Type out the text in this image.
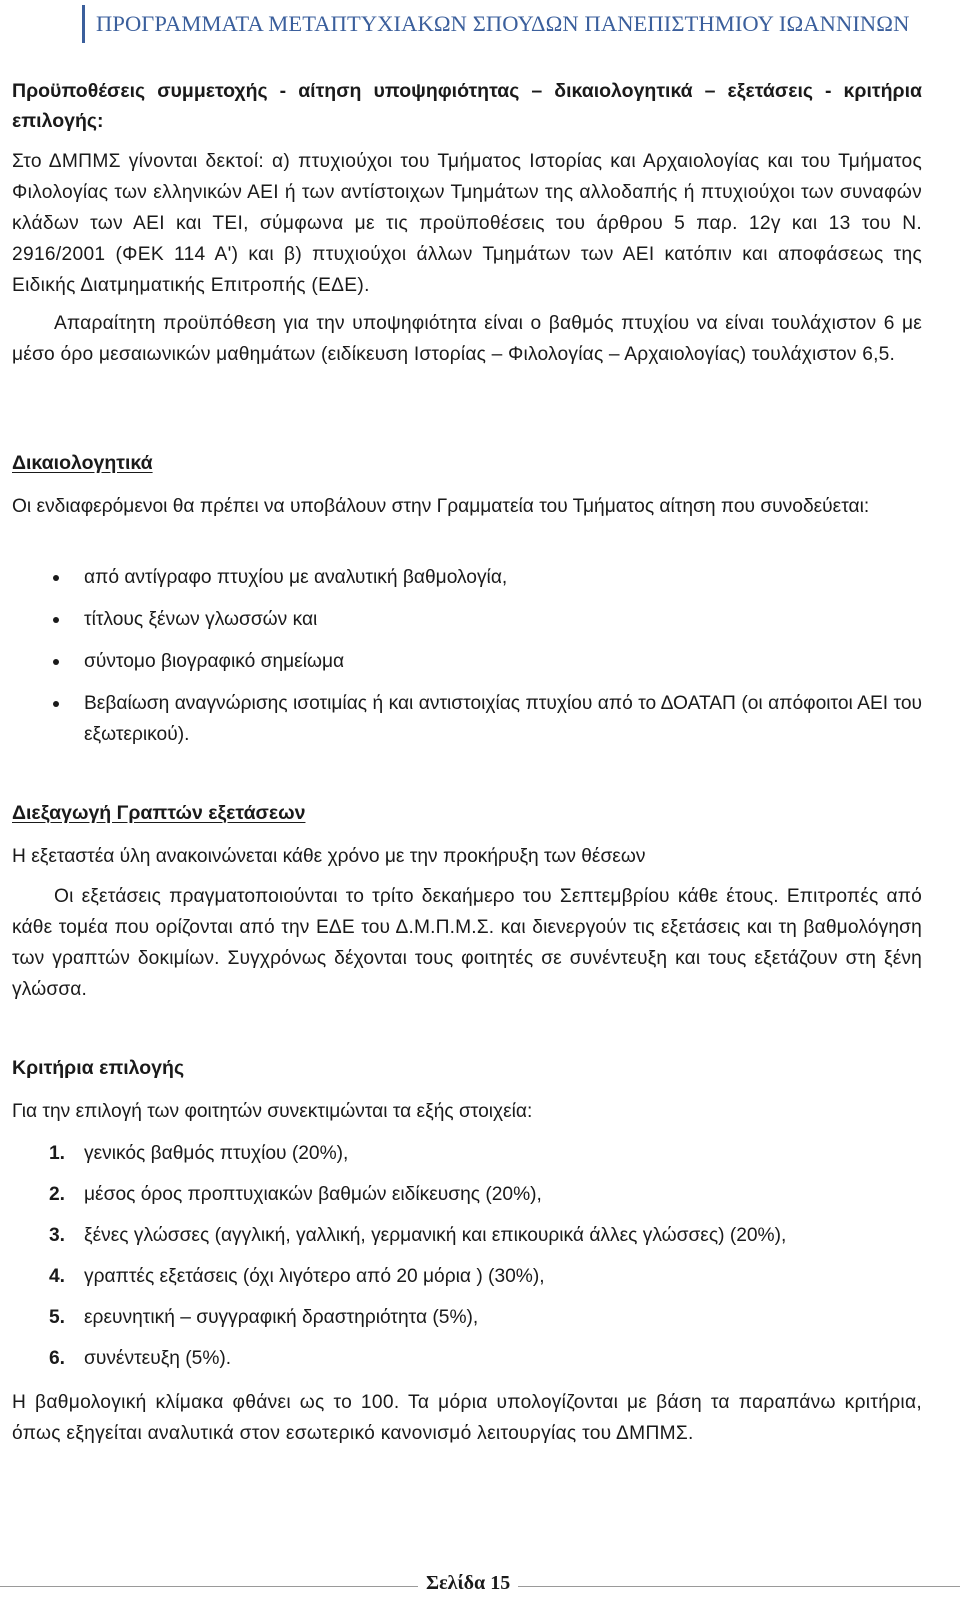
ΠΡΟΓΡΑΜΜΑΤΑ ΜΕΤΑΠΤΥΧΙΑΚΩΝ ΣΠΟΥΔΩΝ ΠΑΝΕΠΙΣΤΗΜΙΟΥ ΙΩΑΝΝΙΝΩΝ
Προϋποθέσεις συμμετοχής - αίτηση υποψηφιότητας – δικαιολογητικά – εξετάσεις - κριτήρια επιλογής:
Στο ΔΜΠΜΣ γίνονται δεκτοί: α) πτυχιούχοι του Τμήματος Ιστορίας και Αρχαιολογίας και του Τμήματος Φιλολογίας των ελληνικών ΑΕΙ ή των αντίστοιχων Τμημάτων της αλλοδαπής ή πτυχιούχοι των συναφών κλάδων των ΑΕΙ και ΤΕΙ, σύμφωνα με τις προϋποθέσεις του άρθρου 5 παρ. 12γ και 13 του Ν. 2916/2001 (ΦΕΚ 114 Α') και β) πτυχιούχοι άλλων Τμημάτων των ΑΕΙ κατόπιν και αποφάσεως της Ειδικής Διατμηματικής Επιτροπής (ΕΔΕ).
Απαραίτητη προϋπόθεση για την υποψηφιότητα είναι ο βαθμός πτυχίου να είναι τουλάχιστον 6 με μέσο όρο μεσαιωνικών μαθημάτων (ειδίκευση Ιστορίας – Φιλολογίας – Αρχαιολογίας) τουλάχιστον 6,5.
Δικαιολογητικά
Οι ενδιαφερόμενοι θα πρέπει να υποβάλουν στην Γραμματεία του Τμήματος αίτηση που συνοδεύεται:
από αντίγραφο πτυχίου με αναλυτική βαθμολογία,
τίτλους ξένων γλωσσών και
σύντομο βιογραφικό σημείωμα
Βεβαίωση αναγνώρισης ισοτιμίας ή και αντιστοιχίας πτυχίου από το ΔΟΑΤΑΠ (οι απόφοιτοι ΑΕΙ του εξωτερικού).
Διεξαγωγή Γραπτών εξετάσεων
Η εξεταστέα ύλη ανακοινώνεται κάθε χρόνο με την προκήρυξη των θέσεων
Οι εξετάσεις πραγματοποιούνται το τρίτο δεκαήμερο του Σεπτεμβρίου κάθε έτους. Επιτροπές από κάθε τομέα που ορίζονται από την ΕΔΕ του Δ.Μ.Π.Μ.Σ. και διενεργούν τις εξετάσεις και τη βαθμολόγηση των γραπτών δοκιμίων. Συγχρόνως δέχονται τους φοιτητές σε συνέντευξη και τους εξετάζουν στη ξένη γλώσσα.
Κριτήρια επιλογής
Για την επιλογή των φοιτητών συνεκτιμώνται τα εξής στοιχεία:
1. γενικός βαθμός πτυχίου (20%),
2. μέσος όρος προπτυχιακών βαθμών ειδίκευσης (20%),
3. ξένες γλώσσες (αγγλική, γαλλική, γερμανική και επικουρικά άλλες γλώσσες) (20%),
4. γραπτές εξετάσεις (όχι λιγότερο από 20 μόρια ) (30%),
5. ερευνητική – συγγραφική δραστηριότητα (5%),
6. συνέντευξη (5%).
Η βαθμολογική κλίμακα φθάνει ως το 100. Τα μόρια υπολογίζονται με βάση τα παραπάνω κριτήρια, όπως εξηγείται αναλυτικά στον εσωτερικό κανονισμό λειτουργίας του ΔΜΠΜΣ.
Σελίδα 15
